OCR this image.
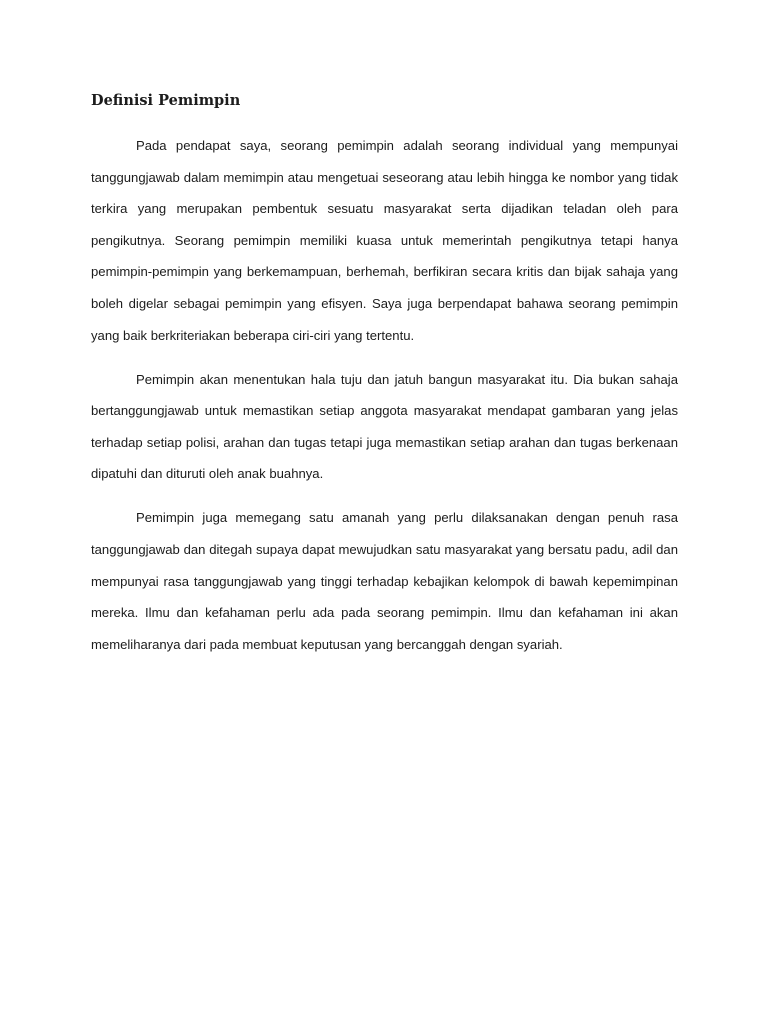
Definisi Pemimpin

Pada pendapat saya, seorang pemimpin adalah seorang individual yang mempunyai tanggungjawab dalam memimpin atau mengetuai seseorang atau lebih hingga ke nombor yang tidak terkira yang merupakan pembentuk sesuatu masyarakat serta dijadikan teladan oleh para pengikutnya. Seorang pemimpin memiliki kuasa untuk memerintah pengikutnya tetapi hanya pemimpin-pemimpin yang berkemampuan, berhemah, berfikiran secara kritis dan bijak sahaja yang boleh digelar sebagai pemimpin yang efisyen. Saya juga berpendapat bahawa seorang pemimpin yang baik berkriteriakan beberapa ciri-ciri yang tertentu.

Pemimpin akan menentukan hala tuju dan jatuh bangun masyarakat itu. Dia bukan sahaja bertanggungjawab untuk memastikan setiap anggota masyarakat mendapat gambaran yang jelas terhadap setiap polisi, arahan dan tugas tetapi juga memastikan setiap arahan dan tugas berkenaan dipatuhi dan dituruti oleh anak buahnya.

Pemimpin juga memegang satu amanah yang perlu dilaksanakan dengan penuh rasa tanggungjawab dan ditegah supaya dapat mewujudkan satu masyarakat yang bersatu padu, adil dan mempunyai rasa tanggungjawab yang tinggi terhadap kebajikan kelompok di bawah kepemimpinan mereka. Ilmu dan kefahaman perlu ada pada seorang pemimpin. Ilmu dan kefahaman ini akan memeliharanya dari pada membuat keputusan yang bercanggah dengan syariah.
